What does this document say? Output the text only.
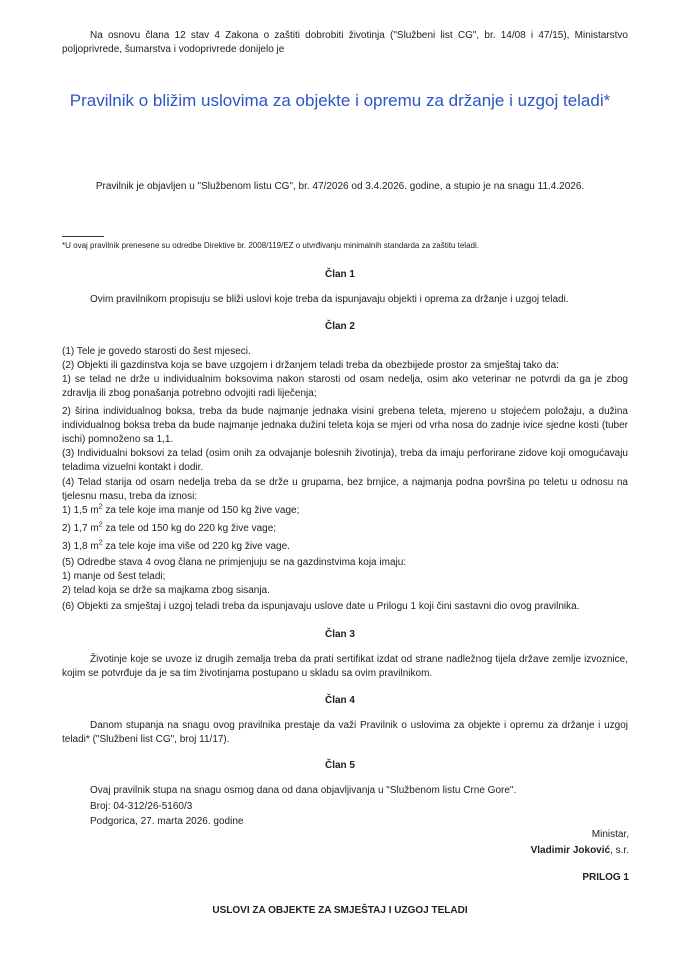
Na osnovu člana 12 stav 4 Zakona o zaštiti dobrobiti životinja ("Službeni list CG", br. 14/08 i 47/15), Ministarstvo poljoprivrede, šumarstva i vodoprivrede donijelo je

Pravilnik o bližim uslovima za objekte i opremu za držanje i uzgoj teladi*

Pravilnik je objavljen u "Službenom listu CG", br. 47/2026 od 3.4.2026. godine, a stupio je na snagu 11.4.2026.

*U ovaj pravilnik prenesene su odredbe Direktive br. 2008/119/EZ o utvrđivanju minimalnih standarda za zaštitu teladi.

Član 1

Ovim pravilnikom propisuju se bliži uslovi koje treba da ispunjavaju objekti i oprema za držanje i uzgoj teladi.

Član 2

(1) Tele je govedo starosti do šest mjeseci.

(2) Objekti ili gazdinstva koja se bave uzgojem i držanjem teladi treba da obezbijede prostor za smještaj tako da:

1) se telad ne drže u individualnim boksovima nakon starosti od osam nedelja, osim ako veterinar ne potvrdi da ga je zbog zdravlja ili zbog ponašanja potrebno odvojiti radi liječenja;

2) širina individualnog boksa, treba da bude najmanje jednaka visini grebena teleta, mjereno u stojećem položaju, a dužina individualnog boksa treba da bude najmanje jednaka dužini teleta koja se mjeri od vrha nosa do zadnje ivice sjedne kosti (tuber ischi) pomnoženo sa 1,1.

(3) Individualni boksovi za telad (osim onih za odvajanje bolesnih životinja), treba da imaju perforirane zidove koji omogućavaju teladima vizuelni kontakt i dodir.

(4) Telad starija od osam nedelja treba da se drže u grupama, bez brnjice, a najmanja podna površina po teletu u odnosu na tjelesnu masu, treba da iznosi:

1) 1,5 $m^2$ za tele koje ima manje od 150 kg žive vage;

2) 1,7 $m^2$ za tele od 150 kg do 220 kg žive vage;

3) 1,8 $m^2$ za tele koje ima više od 220 kg žive vage.

(5) Odredbe stava 4 ovog člana ne primjenjuju se na gazdinstvima koja imaju:

1) manje od šest teladi;

2) telad koja se drže sa majkama zbog sisanja.

(6) Objekti za smještaj i uzgoj teladi treba da ispunjavaju uslove date u Prilogu 1 koji čini sastavni dio ovog pravilnika.

Član 3

Životinje koje se uvoze iz drugih zemalja treba da prati sertifikat izdat od strane nadležnog tijela države zemlje izvoznice, kojim se potvrđuje da je sa tim životinjama postupano u skladu sa ovim pravilnikom.

Član 4

Danom stupanja na snagu ovog pravilnika prestaje da važi Pravilnik o uslovima za objekte i opremu za držanje i uzgoj teladi* ("Službeni list CG", broj 11/17).

Član 5

Ovaj pravilnik stupa na snagu osmog dana od dana objavljivanja u "Službenom listu Crne Gore".

Broj: 04-312/26-5160/3

Podgorica, 27. marta 2026. godine

Ministar,

Vladimir Joković, s.r.

PRILOG 1

USLOVI ZA OBJEKTE ZA SMJEŠTAJ I UZGOJ TELADI
